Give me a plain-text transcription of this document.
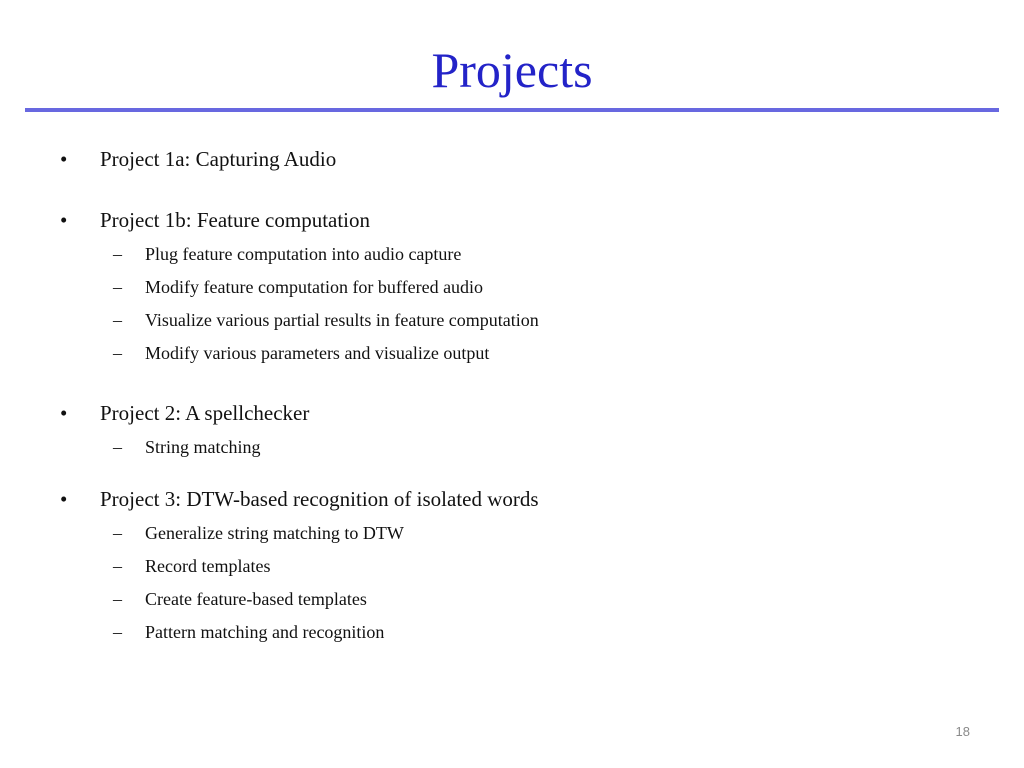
Projects
•	Project 1a: Capturing Audio
•	Project 1b: Feature computation
– Plug feature computation into audio capture
– Modify feature computation for buffered audio
– Visualize various partial results in feature computation
– Modify various parameters and visualize output
•	Project 2: A spellchecker
– String matching
•	Project 3: DTW-based recognition of isolated words
– Generalize string matching to DTW
– Record templates
– Create feature-based templates
– Pattern matching and recognition
18
